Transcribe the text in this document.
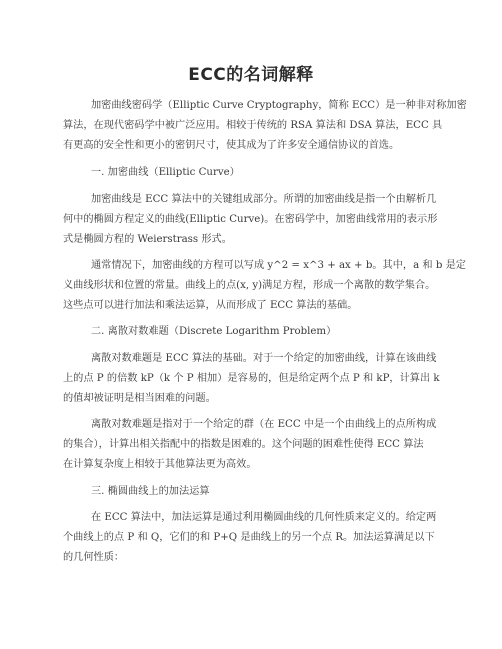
ECC的名词解释
加密曲线密码学（Elliptic Curve Cryptography，简称 ECC）是一种非对称加密
算法，在现代密码学中被广泛应用。相较于传统的 RSA 算法和 DSA 算法，ECC 具
有更高的安全性和更小的密钥尺寸，使其成为了许多安全通信协议的首选。
一. 加密曲线（Elliptic Curve）
加密曲线是 ECC 算法中的关键组成部分。所谓的加密曲线是指一个由解析几
何中的椭圆方程定义的曲线(Elliptic Curve)。在密码学中，加密曲线常用的表示形
式是椭圆方程的 Weierstrass 形式。
通常情况下，加密曲线的方程可以写成 y^2 = x^3 + ax + b。其中，a 和 b 是定
义曲线形状和位置的常量。曲线上的点(x, y)满足方程，形成一个离散的数学集合。
这些点可以进行加法和乘法运算，从而形成了 ECC 算法的基础。
二. 离散对数难题（Discrete Logarithm Problem）
离散对数难题是 ECC 算法的基础。对于一个给定的加密曲线，计算在该曲线
上的点 P 的倍数 kP（k 个 P 相加）是容易的，但是给定两个点 P 和 kP，计算出 k
的值却被证明是相当困难的问题。
离散对数难题是指对于一个给定的群（在 ECC 中是一个由曲线上的点所构成
的集合），计算出相关指配中的指数是困难的。这个问题的困难性使得 ECC 算法
在计算复杂度上相较于其他算法更为高效。
三. 椭圆曲线上的加法运算
在 ECC 算法中，加法运算是通过利用椭圆曲线的几何性质来定义的。给定两
个曲线上的点 P 和 Q，它们的和 P+Q 是曲线上的另一个点 R。加法运算满足以下
的几何性质：
